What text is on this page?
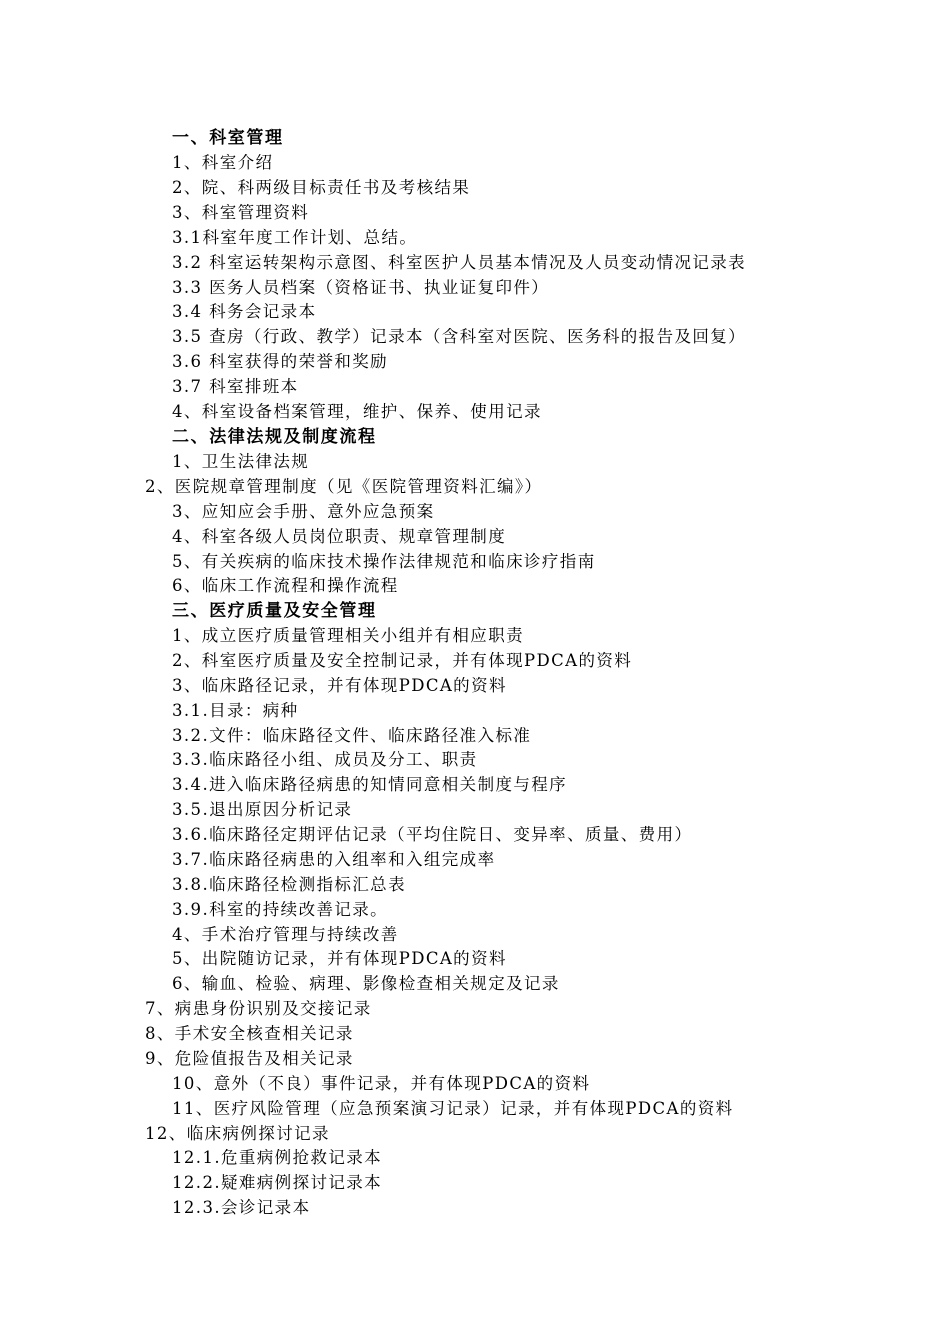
一、科室管理
1、科室介绍
2、院、科两级目标责任书及考核结果
3、科室管理资料
3.1科室年度工作计划、总结。
3.2 科室运转架构示意图、科室医护人员基本情况及人员变动情况记录表
3.3 医务人员档案（资格证书、执业证复印件）
3.4 科务会记录本
3.5 查房（行政、教学）记录本（含科室对医院、医务科的报告及回复）
3.6 科室获得的荣誉和奖励
3.7 科室排班本
4、科室设备档案管理，维护、保养、使用记录
二、法律法规及制度流程
1、卫生法律法规
2、医院规章管理制度（见《医院管理资料汇编》）
3、应知应会手册、意外应急预案
4、科室各级人员岗位职责、规章管理制度
5、有关疾病的临床技术操作法律规范和临床诊疗指南
6、临床工作流程和操作流程
三、医疗质量及安全管理
1、成立医疗质量管理相关小组并有相应职责
2、科室医疗质量及安全控制记录，并有体现PDCA的资料
3、临床路径记录，并有体现PDCA的资料
3.1.目录：病种
3.2.文件：临床路径文件、临床路径准入标准
3.3.临床路径小组、成员及分工、职责
3.4.进入临床路径病患的知情同意相关制度与程序
3.5.退出原因分析记录
3.6.临床路径定期评估记录（平均住院日、变异率、质量、费用）
3.7.临床路径病患的入组率和入组完成率
3.8.临床路径检测指标汇总表
3.9.科室的持续改善记录。
4、手术治疗管理与持续改善
5、出院随访记录，并有体现PDCA的资料
6、输血、检验、病理、影像检查相关规定及记录
7、病患身份识别及交接记录
8、手术安全核查相关记录
9、危险值报告及相关记录
10、意外（不良）事件记录，并有体现PDCA的资料
11、医疗风险管理（应急预案演习记录）记录，并有体现PDCA的资料
12、临床病例探讨记录
12.1.危重病例抢救记录本
12.2.疑难病例探讨记录本
12.3.会诊记录本
